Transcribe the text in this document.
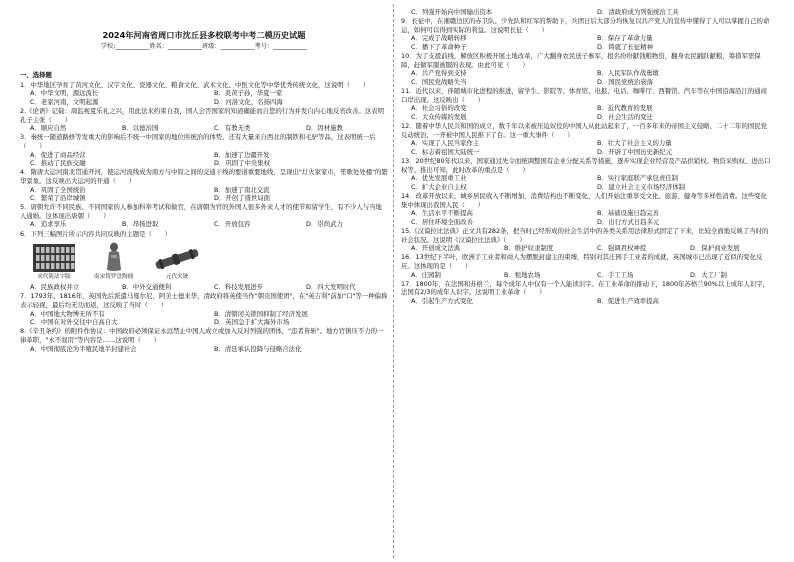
2024年河南省周口市沈丘县多校联考中考二模历史试题
学校:___________姓名：___________班级：___________考号：___________
一、选择题
1．中华地区孕育了黄河文化、汉字文化、瓷器文化、粮食文化、武术文化、中医文化等中华优秀传统文化，这说明（　　）
A．中华文明，源远流长	B．炎黄子孙，华夏一家
C．老家河南，文明起源	D．河洛文化，名扬四海
2.《论语》记载：周监视夏乐礼之兴，用此法来约束自我，国人会否国家的知道确能而自您的行为并发自内心地反省改善。这表明孔子主张（　　）
A．顺应自然	B．以德治国	C．有教无类	D．因材施教
3．秦统一随道路修等发重大的影响后不统一中国家的地位所统治的体势，还有大量来自西北的制铁和毛驴等品，这表明统一后（　　）
A．促进了商品经营	B．加速了边疆开发
C．推动了民族交融	D．巩固了中央集权
4．隋唐大运河南北贯通开河，使运河流线成为南方与中原之间的交通干线的要道重要地线，呈现出"灯火家家市，笙歌处处楼"的繁华景象。这反映出大运河的开通（　　）
A．巩固了全国统治	B．加速了南北交流
C．繁荣了沿岸城镇	D．开创了盛世局面
5．唐朝允许不同民族、不同国家的人参加科举考试和做官，在唐朝为官的外国人很多外来人才的使节和留学生，有不少人与当地人通婚。这体现出唐朝（　　）
A．追求享乐	B．昂扬进取	C．开放包容	D．崇尚武力
6．下列三幅图片所示内容共同反映的主题是（　　）
宋代简法字版	南宋铸罗盘陶俑	元代火铳
A．民族政权并立	B．中外交通便利	C．科技发展进步	D．四大发明时代
7．1793年、1816年，英国先后派遣马戛尔尼、阿美士德来华，清政府将英使当作"朝贡国使团"，在"英吉利"前加"口"等一种偏称表示轻视，最后均无功而返，这反映了当时（　　）
A．中国地大物博无所不有	B．清朝闭关锁国抑制了经济发展
C．中国在对外交往中自高自大	D．英国急于扩大海外市场
8.《辛丑条约》的附件作协议：中国政府必须保证永远禁止中国人成立或加入反对列强的团体，"违者皆斩"。地方官镇压不力的一律革职，"永不叙用"等内容是……这说明（　　）
A．中国彻底沦为半殖民地半封建社会	B．清廷承认投降与侵略合法化
C．列强开始向中国输出资本	D．清政府成为列强统治工具
9．长征中，在湘赣边区的赤卫队、少先队和红军的帮助下，兵团日后大部分均恢复以共产党人的宣传中懂得了人可以掌握自己的命运，如何可以得到实际的利益。这说明长征（　　）
A．完成了战略转移	B．保存了革命力量
C．播下了革命种子	D．铸就了长征精神
10．为了支援前线，解放区积极开展土地改革，广大翻身农民送子参军，报名纷纷献钱粮物资，翻身农民踊跃献粮，筹措军需保障，赶做军服被服的表现。由此可见（　　）
A．共产党得到支持	B．人民军队作战勇敢
C．国民党战略失当	D．国民党统治衰落
11．近代以来，伴随城市化进程的推进，留学生、影院等、体育馆、电报、电话、咖啡厅、西餐馆、汽车等在中国沿海沿江的通商口岸出现。这反映出（　　）
A．社会习俗的改变	B．近代教育的发展
C．大众传媒的发展	D．社会生活的变迁
12．随着中华人民共和国的成立，数千年以来被压迫奴役的中国人从此站起来了，一百多年来的帝国主义侵略、二十二年的国民党反动统治，一齐被中国人民推下了台。这一重大事件（　　）
A．实现了人民当家作主	B．壮大了社会主义的力量
C．标志着祖国大陆统一	D．开辟了中国历史新纪元
13．20世纪80年代以来，国家通过先令而统调整国有企业分配关系等措施，逐步实现企业经营及产品供销权、物资采购权、进出口权等。推出可知，此时改革的重点是（　　）
A．优先发展重工业	B．实行家庭联产承包责任制
C．扩大企业自主权	D．建立社会主义市场经济体制
14．改革开放以来，城乡居民收入不断增加，消费结构也不断变化，人们开始注重享受文化、旅游、健身等多样性消费。这些变化集中体现出我国人民（　　）
A．生活水平不断提高	B．基础设施日趋完善
C．居住环境全面改善	D．出行方式日趋多元
15.《汉谟拉比法典》正文共有282条，把当时已经形成的社会生活中的各类关系用法律形式固定了下来，比较全面地反映了当时的社会状况。这说明《汉谟拉比法典》（　　）
A．开创成文法典	B．维护奴隶制度	C．强调君权神授	D．保护商业发展
16．13世纪下半叶，欧洲手工业者和商人为摆脱封建主的束缚，特别对其庄园手工业者的成就，英国城市已出现了近似的变化反应。这体现的是（　　）
A．庄园制	B．租地农场	C．手工工场	D．大工厂制
17．1800年，在法国和苏格兰，每个成年人中仅有一个人能读识字。在工业革命的推动下，1800年苏格兰90%以上成年人识字，法国有2/3的成年人识字。这说明工业革命（　　）
A．引起生产方式变化	B．促进生产效率提高
